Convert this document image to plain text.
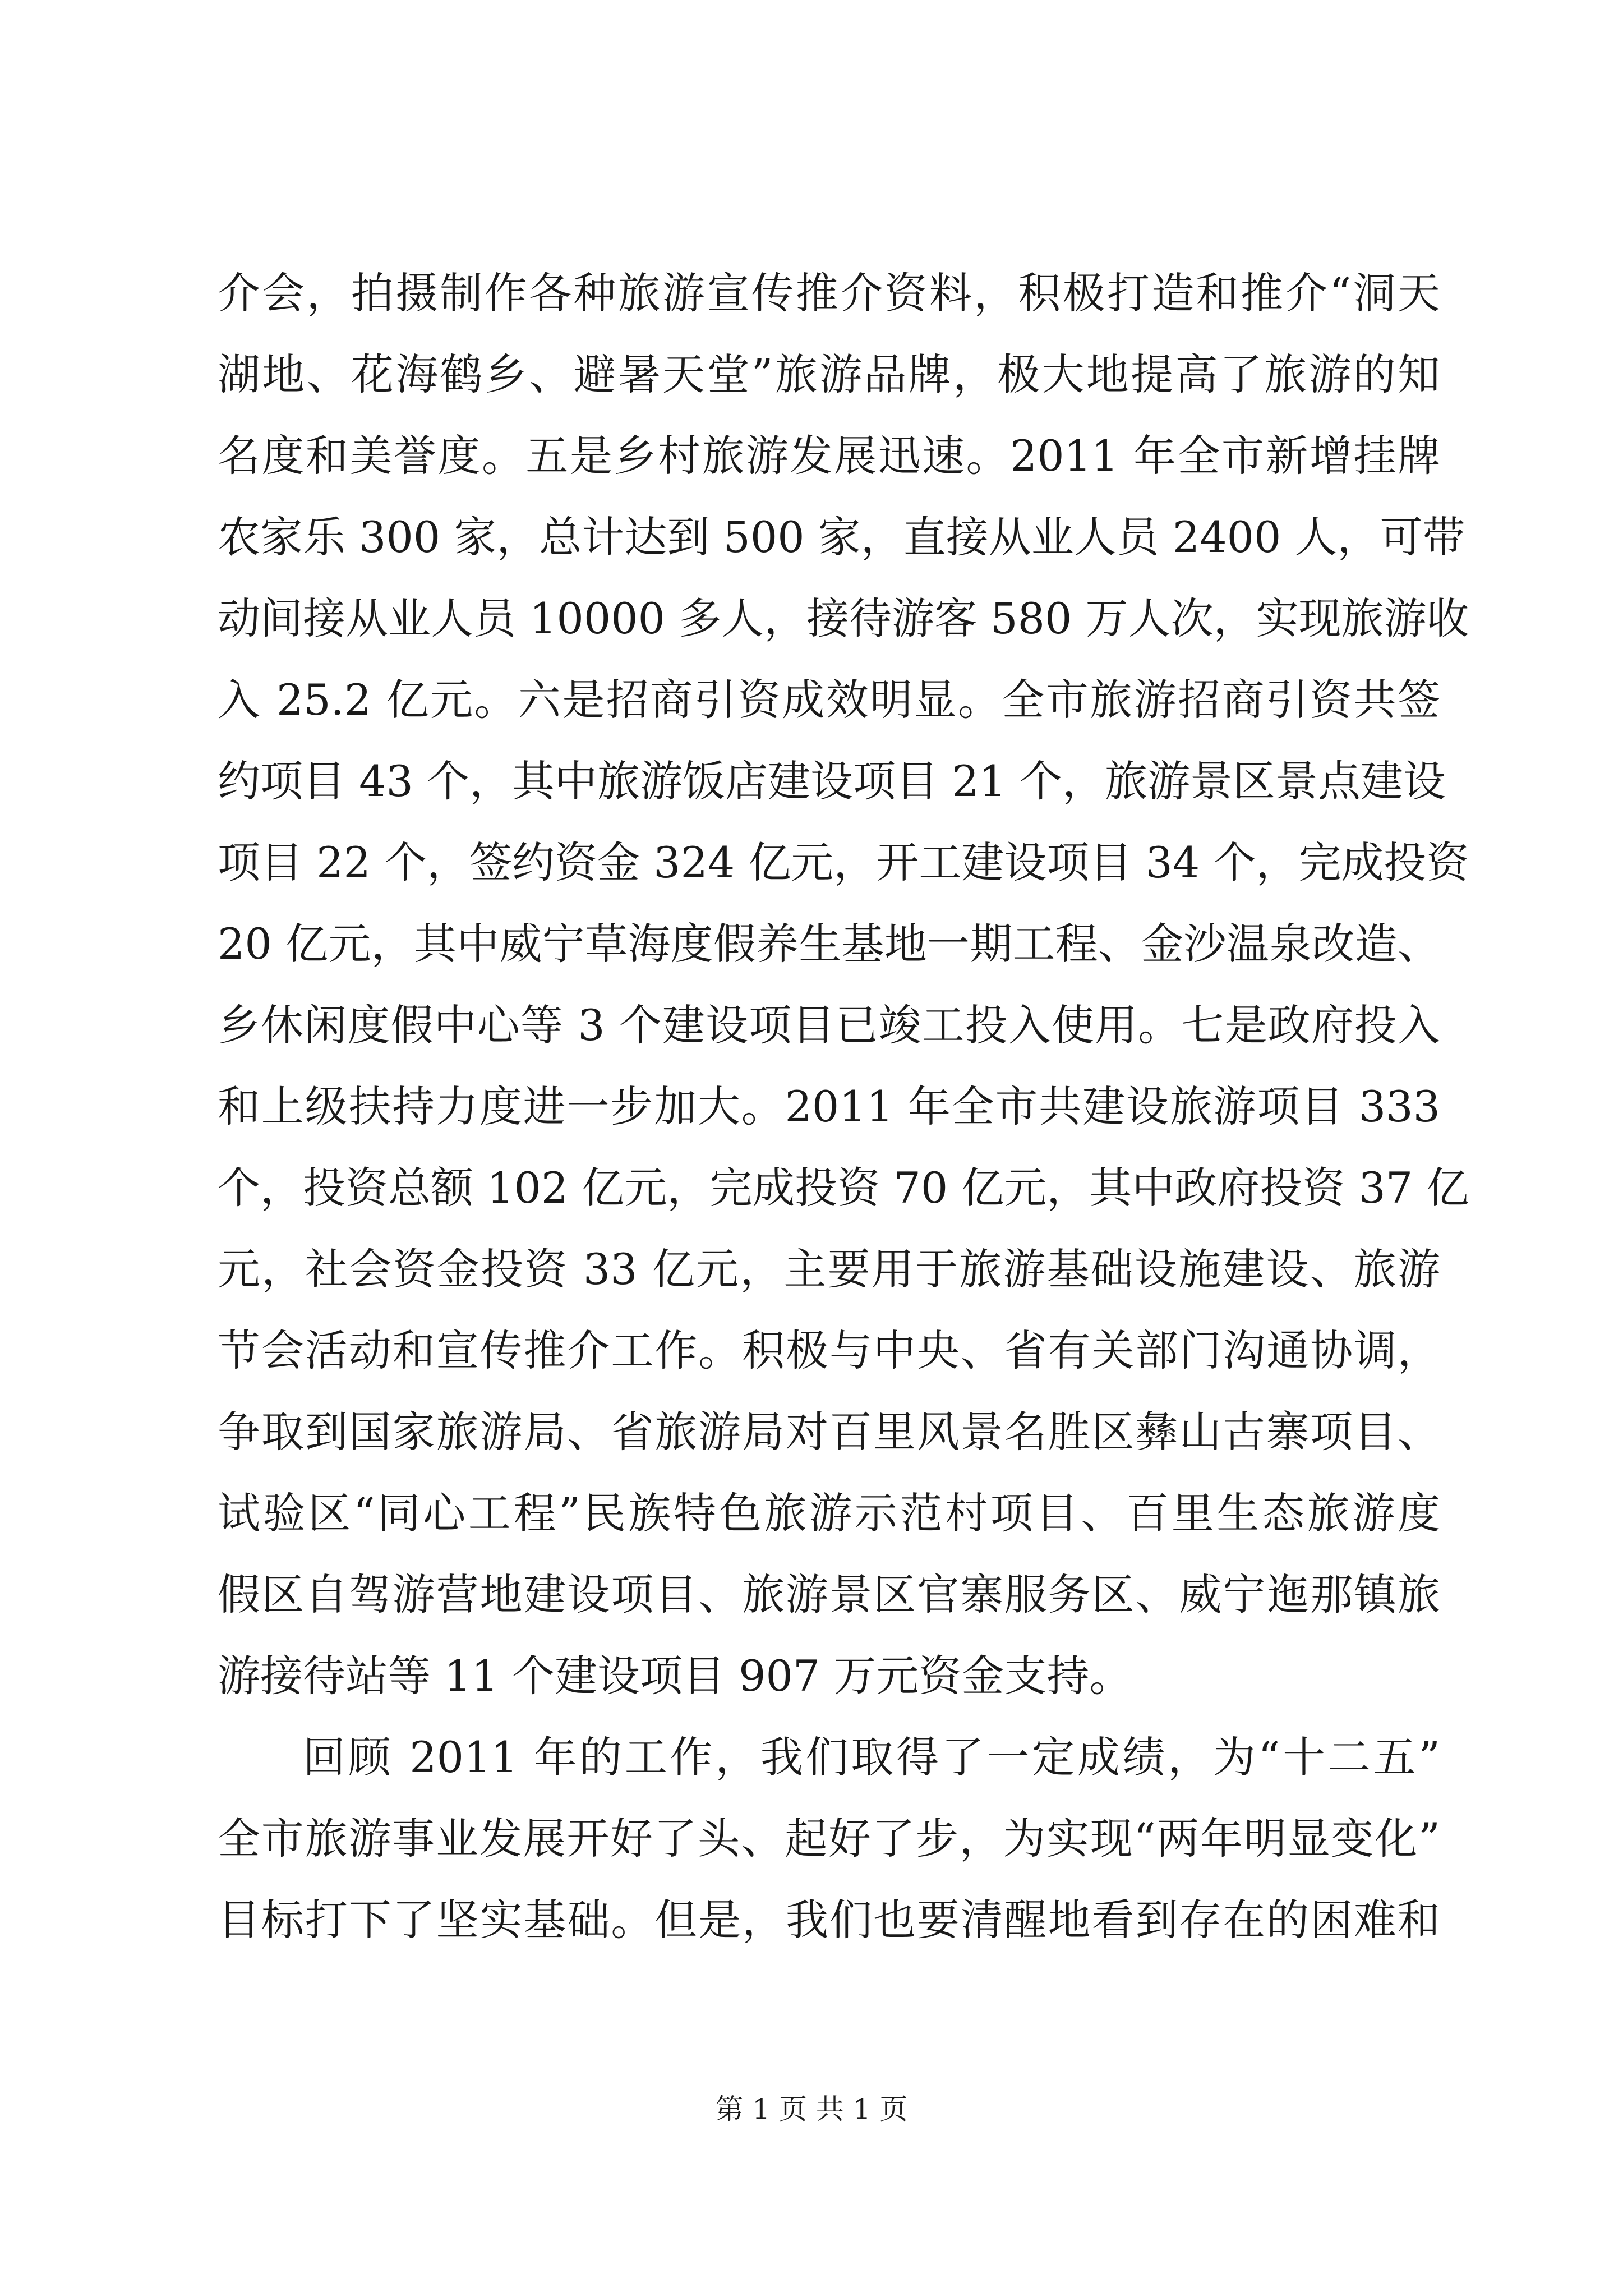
介会，拍摄制作各种旅游宣传推介资料，积极打造和推介“洞天
湖地、花海鹤乡、避暑天堂”旅游品牌，极大地提高了旅游的知
名度和美誉度。五是乡村旅游发展迅速。2011 年全市新增挂牌
农家乐 300 家，总计达到 500 家，直接从业人员 2400 人，可带
动间接从业人员 10000 多人，接待游客 580 万人次，实现旅游收
入 25.2 亿元。六是招商引资成效明显。全市旅游招商引资共签
约项目 43 个，其中旅游饭店建设项目 21 个，旅游景区景点建设
项目 22 个，签约资金 324 亿元，开工建设项目 34 个，完成投资
20 亿元，其中威宁草海度假养生基地一期工程、金沙温泉改造、
乡休闲度假中心等 3 个建设项目已竣工投入使用。七是政府投入
和上级扶持力度进一步加大。2011 年全市共建设旅游项目 333
个，投资总额 102 亿元，完成投资 70 亿元，其中政府投资 37 亿
元，社会资金投资 33 亿元，主要用于旅游基础设施建设、旅游
节会活动和宣传推介工作。积极与中央、省有关部门沟通协调，
争取到国家旅游局、省旅游局对百里风景名胜区彝山古寨项目、
试验区“同心工程”民族特色旅游示范村项目、百里生态旅游度
假区自驾游营地建设项目、旅游景区官寨服务区、威宁迤那镇旅
游接待站等 11 个建设项目 907 万元资金支持。
回顾 2011 年的工作，我们取得了一定成绩，为“十二五”
全市旅游事业发展开好了头、起好了步，为实现“两年明显变化”
目标打下了坚实基础。但是，我们也要清醒地看到存在的困难和
第 1 页 共 1 页
